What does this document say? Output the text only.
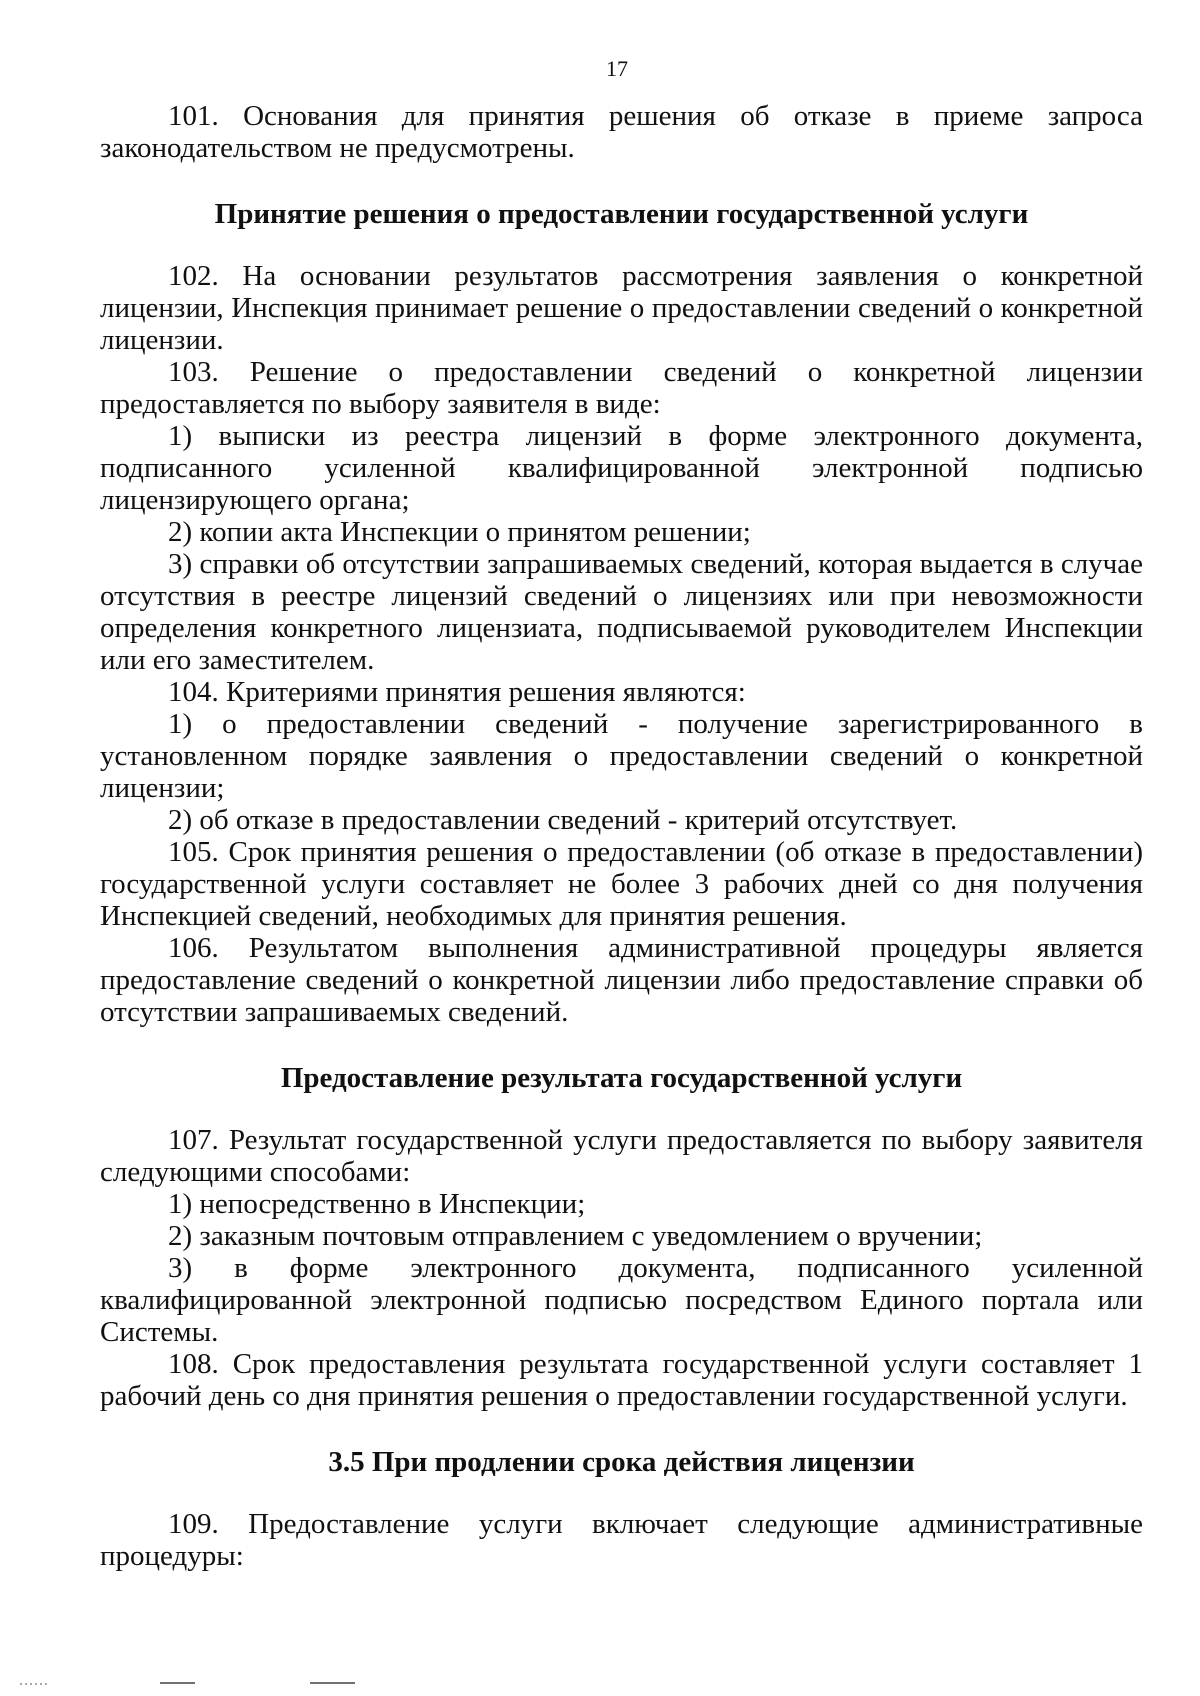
17

101. Основания для принятия решения об отказе в приеме запроса законодательством не предусмотрены.

Принятие решения о предоставлении государственной услуги

102. На основании результатов рассмотрения заявления о конкретной лицензии, Инспекция принимает решение о предоставлении сведений о конкретной лицензии.

103. Решение о предоставлении сведений о конкретной лицензии предоставляется по выбору заявителя в виде:

1) выписки из реестра лицензий в форме электронного документа, подписанного усиленной квалифицированной электронной подписью лицензирующего органа;

2) копии акта Инспекции о принятом решении;

3) справки об отсутствии запрашиваемых сведений, которая выдается в случае отсутствия в реестре лицензий сведений о лицензиях или при невозможности определения конкретного лицензиата, подписываемой руководителем Инспекции или его заместителем.

104. Критериями принятия решения являются:

1) о предоставлении сведений - получение зарегистрированного в установленном порядке заявления о предоставлении сведений о конкретной лицензии;

2) об отказе в предоставлении сведений - критерий отсутствует.

105. Срок принятия решения о предоставлении (об отказе в предоставлении) государственной услуги составляет не более 3 рабочих дней со дня получения Инспекцией сведений, необходимых для принятия решения.

106. Результатом выполнения административной процедуры является предоставление сведений о конкретной лицензии либо предоставление справки об отсутствии запрашиваемых сведений.

Предоставление результата государственной услуги

107. Результат государственной услуги предоставляется по выбору заявителя следующими способами:

1) непосредственно в Инспекции;

2) заказным почтовым отправлением с уведомлением о вручении;

3) в форме электронного документа, подписанного усиленной квалифицированной электронной подписью посредством Единого портала или Системы.

108. Срок предоставления результата государственной услуги составляет 1 рабочий день со дня принятия решения о предоставлении государственной услуги.

3.5 При продлении срока действия лицензии

109. Предоставление услуги включает следующие административные процедуры:
